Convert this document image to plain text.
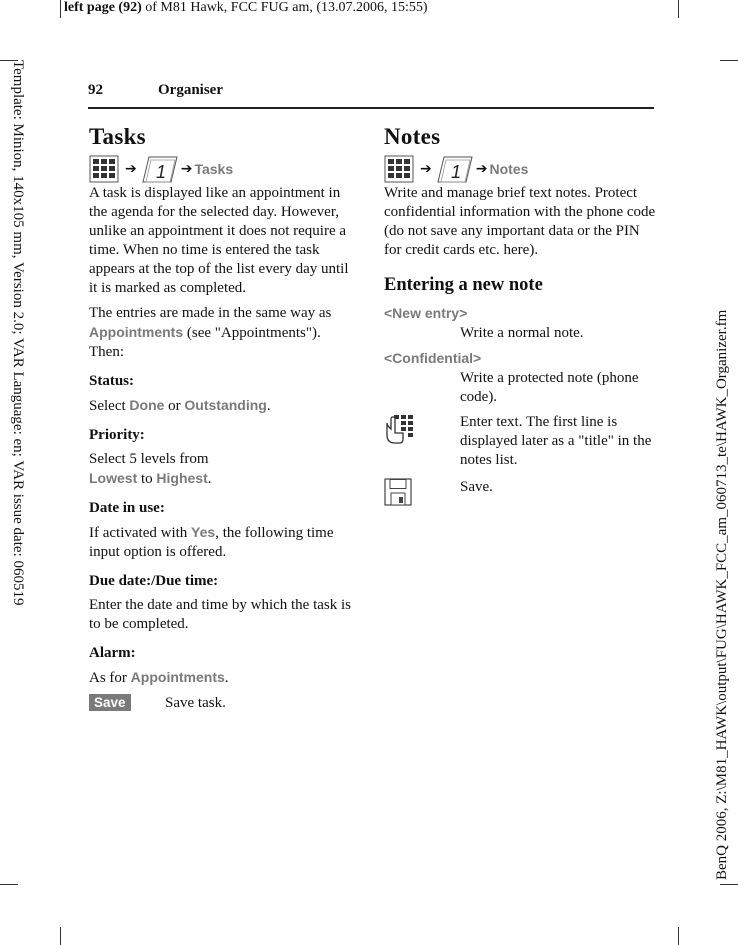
left page (92) of M81 Hawk, FCC FUG am, (13.07.2006, 15:55)
Template: Minion, 140x105 mm, Version 2.0; VAR Language: en; VAR issue date: 060519	BenQ 2006, Z:\M81_HAWK\output\FUG\HAWK_FCC_am_060713_te\HAWK_Organizer.fm
92	Organiser
Tasks
➔ 1 ➔ Tasks

A task is displayed like an appointment in the agenda for the selected day. However, unlike an appointment it does not require a time. When no time is entered the task appears at the top of the list every day until it is marked as completed.

The entries are made in the same way as Appointments (see "Appointments"). Then:

Status:

Select Done or Outstanding.

Priority:

Select 5 levels from
Lowest to Highest.

Date in use:

If activated with Yes, the following time input option is offered.

Due date:/Due time:

Enter the date and time by which the task is to be completed.

Alarm:

As for Appointments.

Save	Save task.
Notes
➔ 1 ➔ Notes

Write and manage brief text notes. Protect confidential information with the phone code (do not save any important data or the PIN for credit cards etc. here).

Entering a new note
<New entry>

Write a normal note.

<Confidential>

Write a protected note (phone code).

Enter text. The first line is displayed later as a "title" in the notes list.
Save.
